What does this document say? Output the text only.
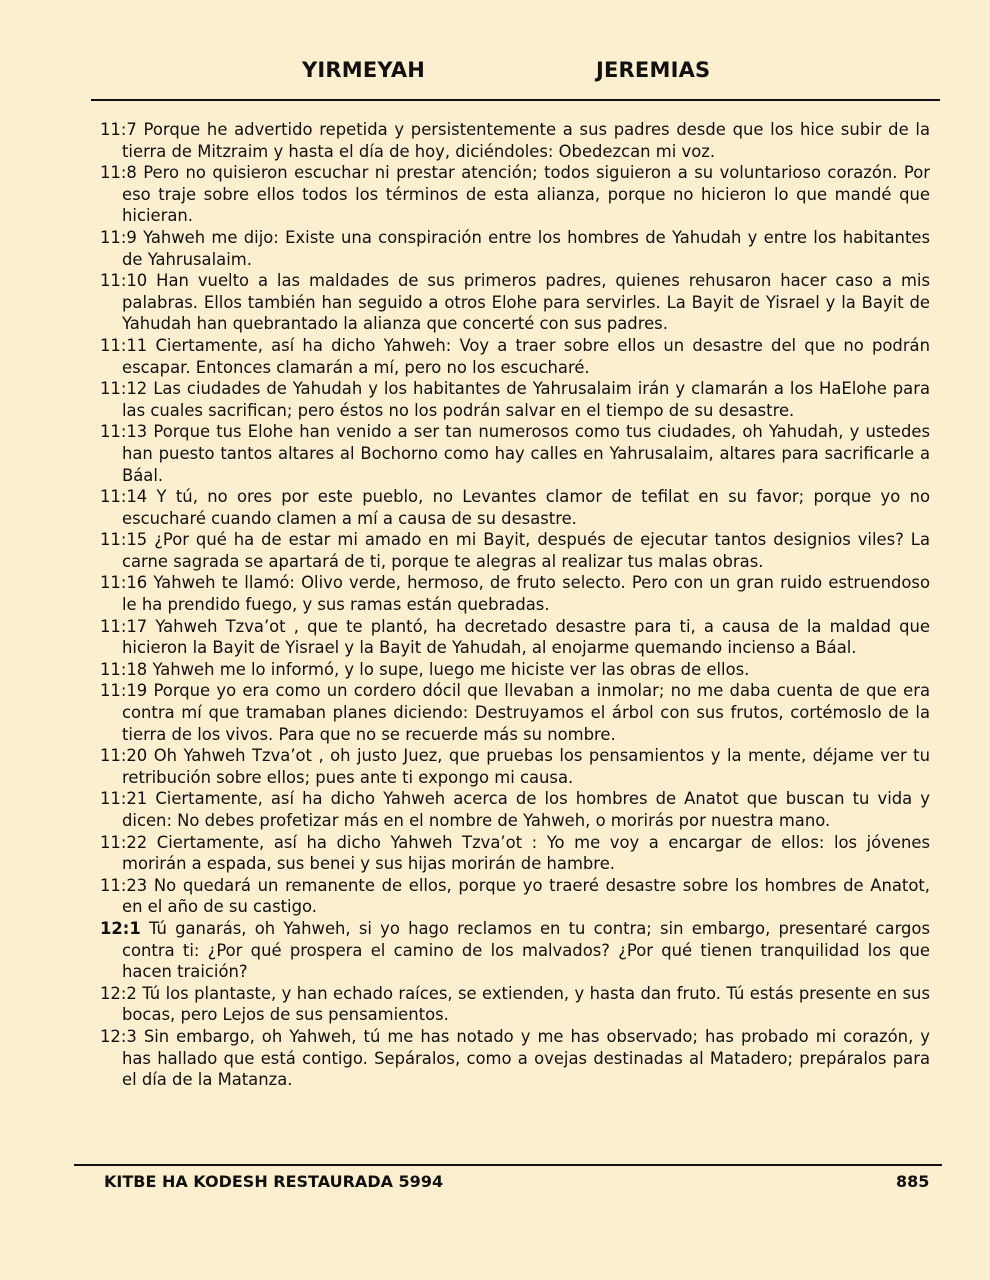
YIRMEYAH	JEREMIAS

11:7 Porque he advertido repetida y persistentemente a sus padres desde que los hice subir de la tierra de Mitzraim y hasta el día de hoy, diciéndoles: Obedezcan mi voz.

11:8 Pero no quisieron escuchar ni prestar atención; todos siguieron a su voluntarioso corazón. Por eso traje sobre ellos todos los términos de esta alianza, porque no hicieron lo que mandé que hicieran.

11:9 Yahweh me dijo: Existe una conspiración entre los hombres de Yahudah y entre los habitantes de Yahrusalaim.

11:10 Han vuelto a las maldades de sus primeros padres, quienes rehusaron hacer caso a mis palabras. Ellos también han seguido a otros Elohe para servirles. La Bayit de Yisrael y la Bayit de Yahudah han quebrantado la alianza que concerté con sus padres.

11:11 Ciertamente, así ha dicho Yahweh: Voy a traer sobre ellos un desastre del que no podrán escapar. Entonces clamarán a mí, pero no los escucharé.

11:12 Las ciudades de Yahudah y los habitantes de Yahrusalaim irán y clamarán a los HaElohe para las cuales sacrifican; pero éstos no los podrán salvar en el tiempo de su desastre.

11:13 Porque tus Elohe han venido a ser tan numerosos como tus ciudades, oh Yahudah, y ustedes han puesto tantos altares al Bochorno como hay calles en Yahrusalaim, altares para sacrificarle a Báal.

11:14 Y tú, no ores por este pueblo, no Levantes clamor de tefilat en su favor; porque yo no escucharé cuando clamen a mí a causa de su desastre.

11:15 ¿Por qué ha de estar mi amado en mi Bayit, después de ejecutar tantos designios viles? La carne sagrada se apartará de ti, porque te alegras al realizar tus malas obras.

11:16 Yahweh te llamó: Olivo verde, hermoso, de fruto selecto. Pero con un gran ruido estruendoso le ha prendido fuego, y sus ramas están quebradas.

11:17 Yahweh Tzva’ot , que te plantó, ha decretado desastre para ti, a causa de la maldad que hicieron la Bayit de Yisrael y la Bayit de Yahudah, al enojarme quemando incienso a Báal.

11:18 Yahweh me lo informó, y lo supe, luego me hiciste ver las obras de ellos.

11:19 Porque yo era como un cordero dócil que llevaban a inmolar; no me daba cuenta de que era contra mí que tramaban planes diciendo: Destruyamos el árbol con sus frutos, cortémoslo de la tierra de los vivos. Para que no se recuerde más su nombre.

11:20 Oh Yahweh Tzva’ot , oh justo Juez, que pruebas los pensamientos y la mente, déjame ver tu retribución sobre ellos; pues ante ti expongo mi causa.

11:21 Ciertamente, así ha dicho Yahweh acerca de los hombres de Anatot que buscan tu vida y dicen: No debes profetizar más en el nombre de Yahweh, o morirás por nuestra mano.

11:22 Ciertamente, así ha dicho Yahweh Tzva’ot : Yo me voy a encargar de ellos: los jóvenes morirán a espada, sus benei y sus hijas morirán de hambre.

11:23 No quedará un remanente de ellos, porque yo traeré desastre sobre los hombres de Anatot, en el año de su castigo.

12:1 Tú ganarás, oh Yahweh, si yo hago reclamos en tu contra; sin embargo, presentaré cargos contra ti: ¿Por qué prospera el camino de los malvados? ¿Por qué tienen tranquilidad los que hacen traición?

12:2 Tú los plantaste, y han echado raíces, se extienden, y hasta dan fruto. Tú estás presente en sus bocas, pero Lejos de sus pensamientos.

12:3 Sin embargo, oh Yahweh, tú me has notado y me has observado; has probado mi corazón, y has hallado que está contigo. Sepáralos, como a ovejas destinadas al Matadero; prepáralos para el día de la Matanza.

KITBE HA KODESH RESTAURADA 5994	885
